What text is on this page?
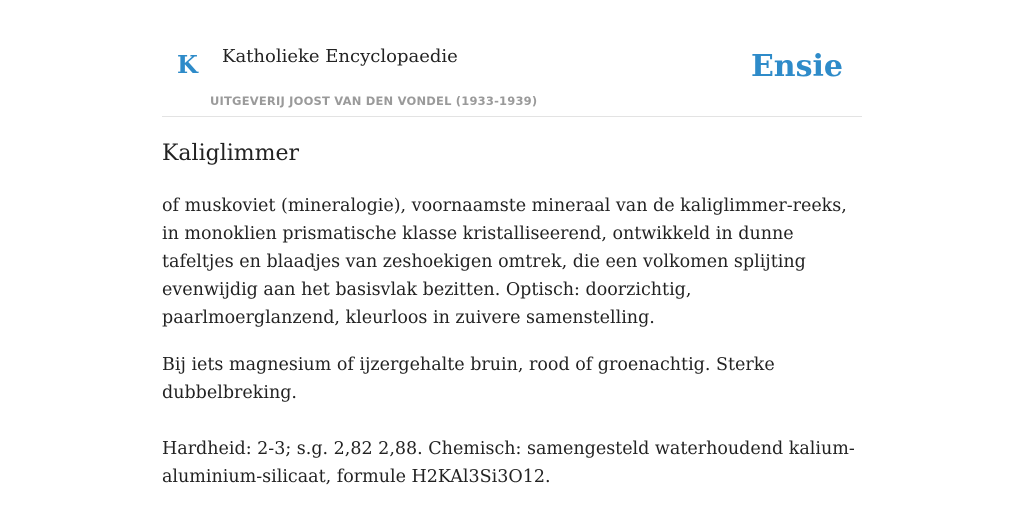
K Katholieke Encyclopaedie
UITGEVERIJ JOOST VAN DEN VONDEL (1933-1939)
Ensie
Kaliglimmer

of muskoviet (mineralogie), voornaamste mineraal van de kaliglimmer-reeks, in monoklien prismatische klasse kristalliseerend, ontwikkeld in dunne tafeltjes en blaadjes van zeshoekigen omtrek, die een volkomen splijting evenwijdig aan het basisvlak bezitten. Optisch: doorzichtig, paarlmoerglanzend, kleurloos in zuivere samenstelling.

Bij iets magnesium of ijzergehalte bruin, rood of groenachtig. Sterke dubbelbreking.

Hardheid: 2-3; s.g. 2,82 2,88. Chemisch: samengesteld waterhoudend kalium-aluminium-silicaat, formule H2KAl3Si3O12.
